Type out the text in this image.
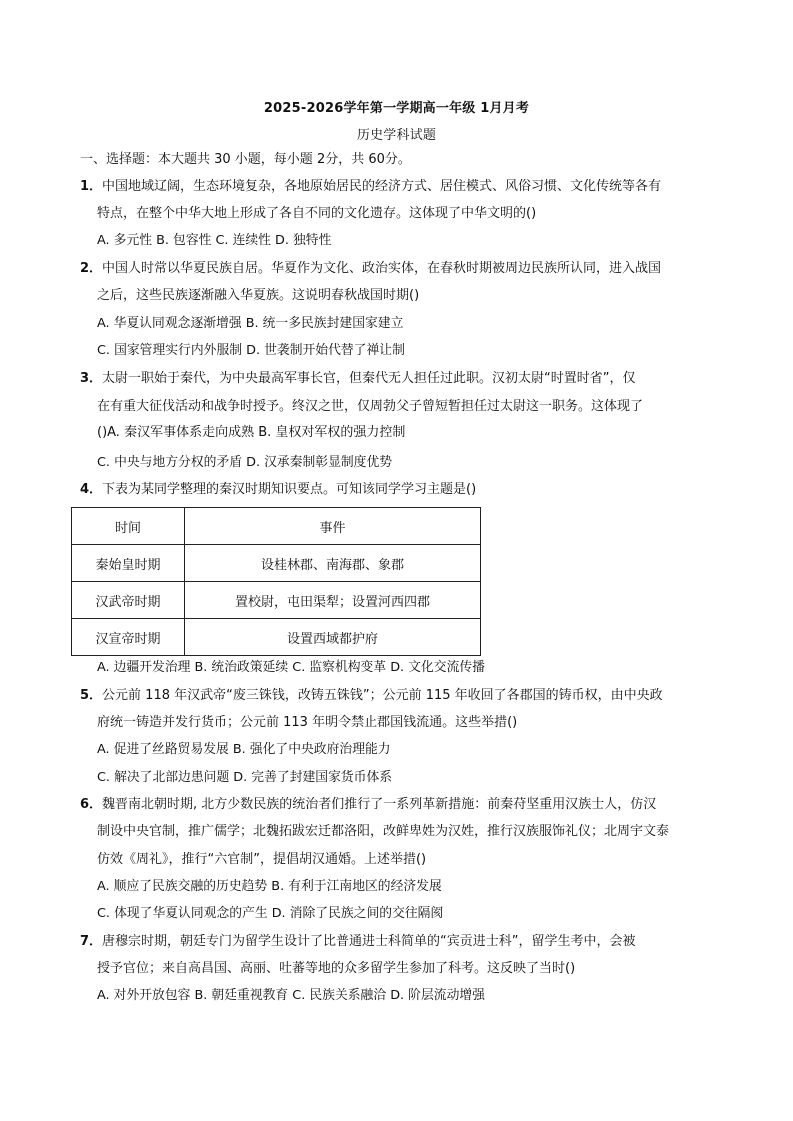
2025-2026学年第一学期高一年级 1月月考
历史学科试题
一、选择题：本大题共 30 小题，每小题 2分，共 60分。
1．中国地域辽阔，生态环境复杂，各地原始居民的经济方式、居住模式、风俗习惯、文化传统等各有
特点，在整个中华大地上形成了各自不同的文化遗存。这体现了中华文明的()
A. 多元性 B. 包容性 C. 连续性 D. 独特性
2．中国人时常以华夏民族自居。华夏作为文化、政治实体，在春秋时期被周边民族所认同，进入战国
之后，这些民族逐渐融入华夏族。这说明春秋战国时期()
A. 华夏认同观念逐渐增强 B. 统一多民族封建国家建立
C. 国家管理实行内外服制 D. 世袭制开始代替了禅让制
3．太尉一职始于秦代，为中央最高军事长官，但秦代无人担任过此职。汉初太尉“时置时省”，仅
在有重大征伐活动和战争时授予。终汉之世，仅周勃父子曾短暂担任过太尉这一职务。这体现了
()A. 秦汉军事体系走向成熟 B. 皇权对军权的强力控制
C. 中央与地方分权的矛盾 D. 汉承秦制彰显制度优势
4．下表为某同学整理的秦汉时期知识要点。可知该同学学习主题是()
时间	事件
秦始皇时期	设桂林郡、南海郡、象郡
汉武帝时期	置校尉，屯田渠犁；设置河西四郡
汉宣帝时期	设置西域都护府
A. 边疆开发治理 B. 统治政策延续 C. 监察机构变革 D. 文化交流传播
5．公元前 118 年汉武帝“废三铢钱，改铸五铢钱”；公元前 115 年收回了各郡国的铸币权，由中央政
府统一铸造并发行货币；公元前 113 年明令禁止郡国钱流通。这些举措()
A. 促进了丝路贸易发展 B. 强化了中央政府治理能力
C. 解决了北部边患问题 D. 完善了封建国家货币体系
6．魏晋南北朝时期, 北方少数民族的统治者们推行了一系列革新措施：前秦苻坚重用汉族士人，仿汉
制设中央官制，推广儒学；北魏拓跋宏迁都洛阳，改鲜卑姓为汉姓，推行汉族服饰礼仪；北周宇文泰
仿效《周礼》，推行“六官制”，提倡胡汉通婚。上述举措()
A. 顺应了民族交融的历史趋势 B. 有利于江南地区的经济发展
C. 体现了华夏认同观念的产生 D. 消除了民族之间的交往隔阂
7．唐穆宗时期，朝廷专门为留学生设计了比普通进士科简单的“宾贡进士科”，留学生考中，会被
授予官位；来自高昌国、高丽、吐蕃等地的众多留学生参加了科考。这反映了当时()
A. 对外开放包容 B. 朝廷重视教育 C. 民族关系融洽 D. 阶层流动增强
